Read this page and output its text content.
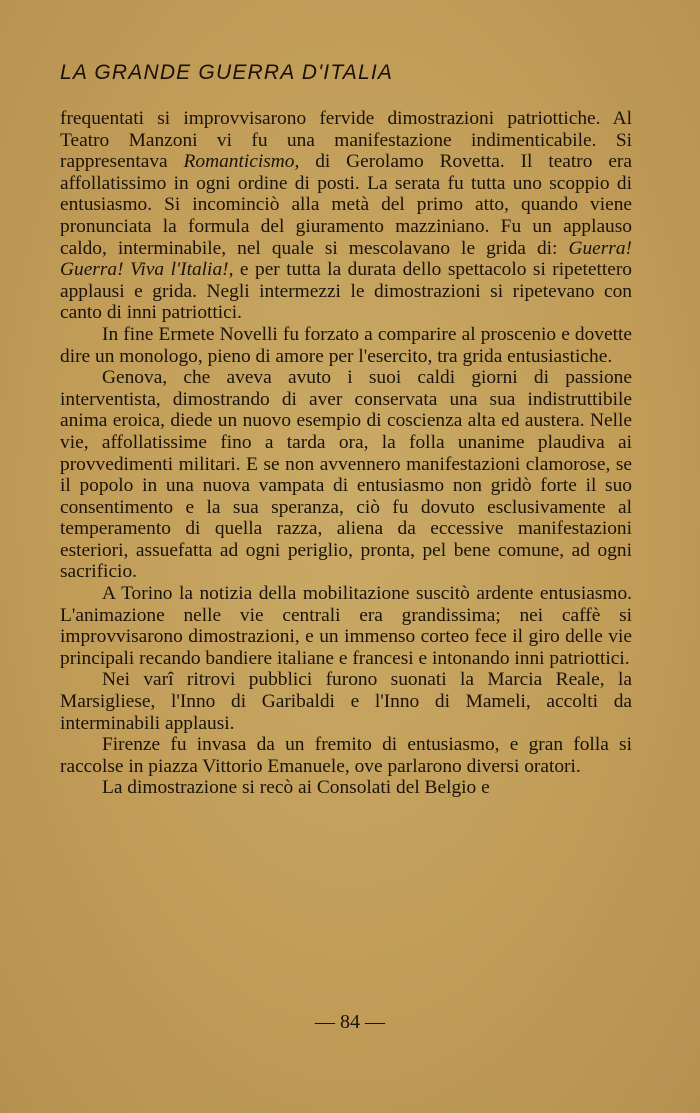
LA GRANDE GUERRA D'ITALIA

frequentati si improvvisarono fervide dimostrazioni patriottiche. Al Teatro Manzoni vi fu una manifestazione indimenticabile. Si rappresentava Romanticismo, di Gerolamo Rovetta. Il teatro era affollatissimo in ogni ordine di posti. La serata fu tutta uno scoppio di entusiasmo. Si incominciò alla metà del primo atto, quando viene pronunciata la formula del giuramento mazziniano. Fu un applauso caldo, interminabile, nel quale si mescolavano le grida di: Guerra! Guerra! Viva l'Italia!, e per tutta la durata dello spettacolo si ripetettero applausi e grida. Negli intermezzi le dimostrazioni si ripetevano con canto di inni patriottici.

In fine Ermete Novelli fu forzato a comparire al proscenio e dovette dire un monologo, pieno di amore per l'esercito, tra grida entusiastiche.

Genova, che aveva avuto i suoi caldi giorni di passione interventista, dimostrando di aver conservata una sua indistruttibile anima eroica, diede un nuovo esempio di coscienza alta ed austera. Nelle vie, affollatissime fino a tarda ora, la folla unanime plaudiva ai provvedimenti militari. E se non avvennero manifestazioni clamorose, se il popolo in una nuova vampata di entusiasmo non gridò forte il suo consentimento e la sua speranza, ciò fu dovuto esclusivamente al temperamento di quella razza, aliena da eccessive manifestazioni esteriori, assuefatta ad ogni periglio, pronta, pel bene comune, ad ogni sacrificio.

A Torino la notizia della mobilitazione suscitò ardente entusiasmo. L'animazione nelle vie centrali era grandissima; nei caffè si improvvisarono dimostrazioni, e un immenso corteo fece il giro delle vie principali recando bandiere italiane e francesi e intonando inni patriottici.

Nei varî ritrovi pubblici furono suonati la Marcia Reale, la Marsigliese, l'Inno di Garibaldi e l'Inno di Mameli, accolti da interminabili applausi.

Firenze fu invasa da un fremito di entusiasmo, e gran folla si raccolse in piazza Vittorio Emanuele, ove parlarono diversi oratori.

La dimostrazione si recò ai Consolati del Belgio e

— 84 —
